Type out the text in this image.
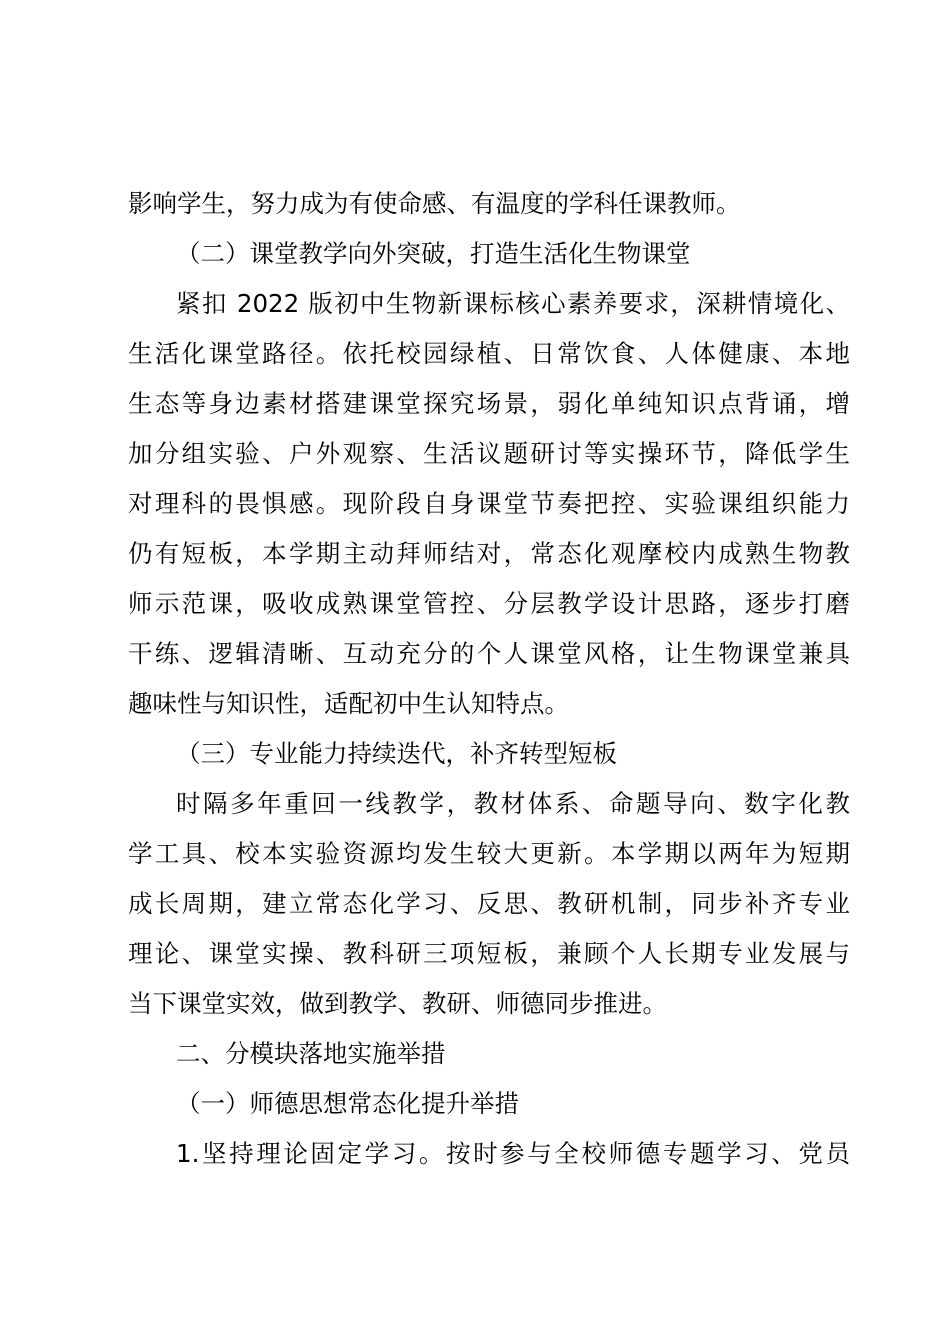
影响学生，努力成为有使命感、有温度的学科任课教师。
（二）课堂教学向外突破，打造生活化生物课堂
紧扣 2022 版初中生物新课标核心素养要求，深耕情境化、
生活化课堂路径。依托校园绿植、日常饮食、人体健康、本地
生态等身边素材搭建课堂探究场景，弱化单纯知识点背诵，增
加分组实验、户外观察、生活议题研讨等实操环节，降低学生
对理科的畏惧感。现阶段自身课堂节奏把控、实验课组织能力
仍有短板，本学期主动拜师结对，常态化观摩校内成熟生物教
师示范课，吸收成熟课堂管控、分层教学设计思路，逐步打磨
干练、逻辑清晰、互动充分的个人课堂风格，让生物课堂兼具
趣味性与知识性，适配初中生认知特点。
（三）专业能力持续迭代，补齐转型短板
时隔多年重回一线教学，教材体系、命题导向、数字化教
学工具、校本实验资源均发生较大更新。本学期以两年为短期
成长周期，建立常态化学习、反思、教研机制，同步补齐专业
理论、课堂实操、教科研三项短板，兼顾个人长期专业发展与
当下课堂实效，做到教学、教研、师德同步推进。
二、分模块落地实施举措
（一）师德思想常态化提升举措
1.坚持理论固定学习。按时参与全校师德专题学习、党员
